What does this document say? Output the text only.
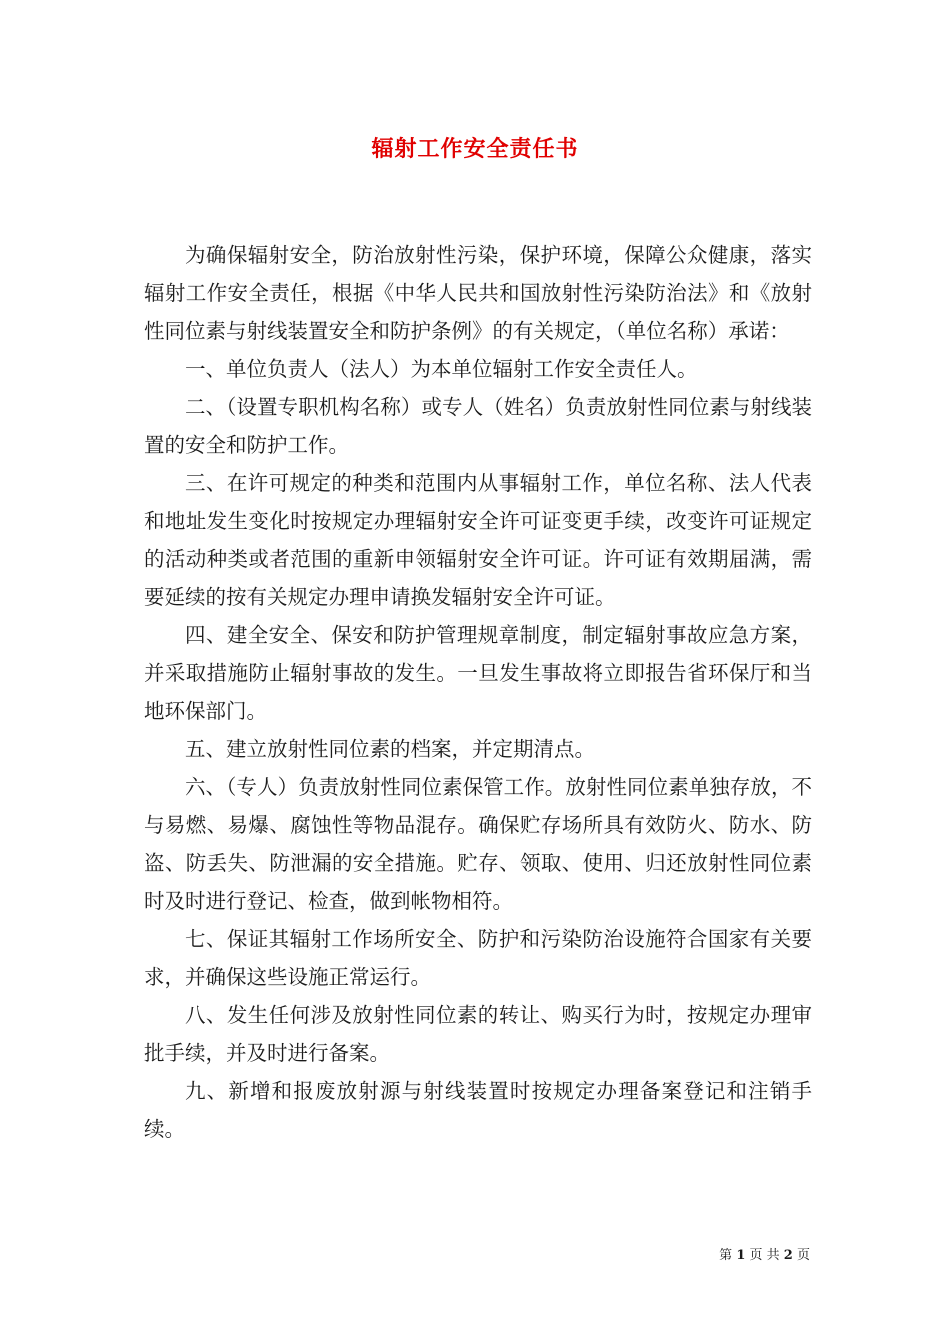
辐射工作安全责任书

为确保辐射安全，防治放射性污染，保护环境，保障公众健康，落实辐射工作安全责任，根据《中华人民共和国放射性污染防治法》和《放射性同位素与射线装置安全和防护条例》的有关规定，（单位名称）承诺：

一、单位负责人（法人）为本单位辐射工作安全责任人。

二、（设置专职机构名称）或专人（姓名）负责放射性同位素与射线装置的安全和防护工作。

三、在许可规定的种类和范围内从事辐射工作，单位名称、法人代表和地址发生变化时按规定办理辐射安全许可证变更手续，改变许可证规定的活动种类或者范围的重新申领辐射安全许可证。许可证有效期届满，需要延续的按有关规定办理申请换发辐射安全许可证。

四、建全安全、保安和防护管理规章制度，制定辐射事故应急方案，并采取措施防止辐射事故的发生。一旦发生事故将立即报告省环保厅和当地环保部门。

五、建立放射性同位素的档案，并定期清点。

六、（专人）负责放射性同位素保管工作。放射性同位素单独存放，不与易燃、易爆、腐蚀性等物品混存。确保贮存场所具有效防火、防水、防盗、防丢失、防泄漏的安全措施。贮存、领取、使用、归还放射性同位素时及时进行登记、检查，做到帐物相符。

七、保证其辐射工作场所安全、防护和污染防治设施符合国家有关要求，并确保这些设施正常运行。

八、发生任何涉及放射性同位素的转让、购买行为时，按规定办理审批手续，并及时进行备案。

九、新增和报废放射源与射线装置时按规定办理备案登记和注销手续。

第 1 页 共 2 页
